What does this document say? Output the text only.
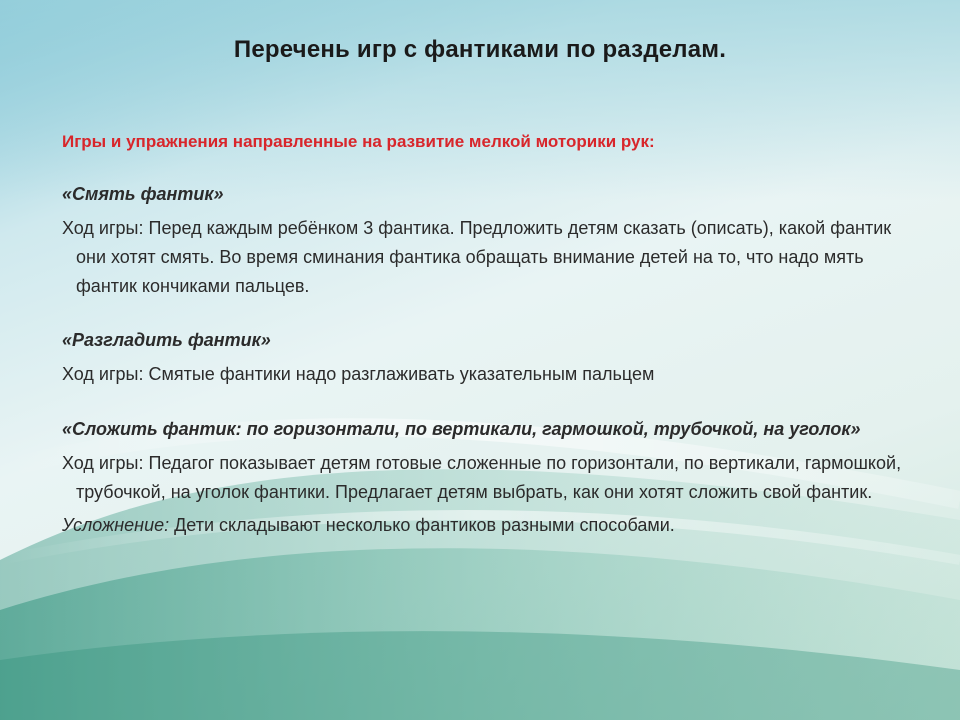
Перечень игр с фантиками по разделам.

Игры и упражнения направленные на развитие мелкой моторики рук:

«Смять фантик»

Ход игры: Перед каждым ребёнком 3 фантика. Предложить детям сказать (описать), какой фантик они хотят смять. Во время сминания фантика обращать внимание детей на то, что надо мять фантик кончиками пальцев.

«Разгладить фантик»

Ход игры: Смятые фантики надо разглаживать указательным пальцем

«Сложить фантик: по горизонтали, по вертикали, гармошкой, трубочкой, на уголок»

Ход игры: Педагог показывает детям готовые сложенные по горизонтали, по вертикали, гармошкой, трубочкой, на уголок фантики. Предлагает детям выбрать, как они хотят сложить свой фантик.

Усложнение: Дети складывают несколько фантиков разными способами.
